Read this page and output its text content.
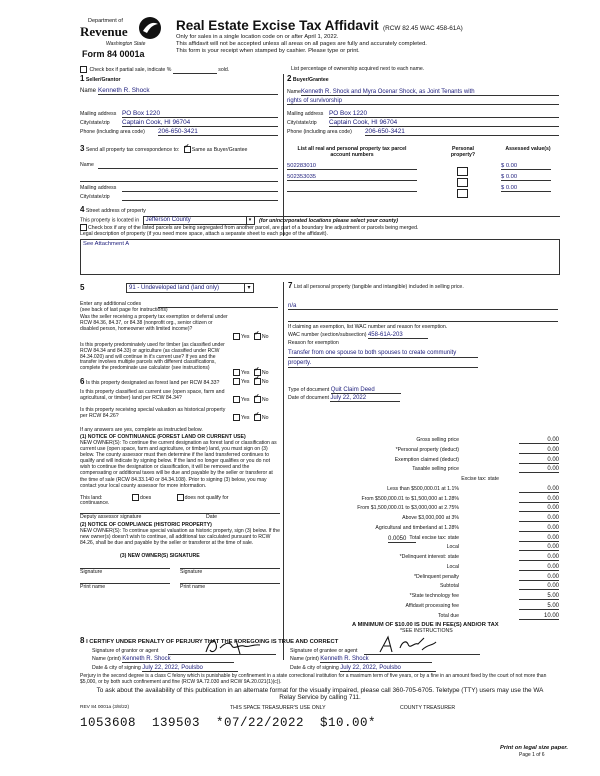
Department of
Revenue
Washington State
Form 84 0001a
Real Estate Excise Tax Affidavit (RCW 82.45 WAC 458-61A)
Only for sales in a single location code on or after April 1, 2022.
This affidavit will not be accepted unless all areas on all pages are fully and accurately completed.
This form is your receipt when stamped by cashier. Please type or print.
Check box if partial sale, indicate %	sold.	List percentage of ownership acquired next to each name.
1 Seller/Grantor
Name Kenneth R. Shock
Mailing address PO Box 1220
City/state/zip Captain Cook, HI 96704
Phone (including area code) 206-650-3421
2 Buyer/Grantee
Name Kenneth R. Shock and Myra Ocenar Shock, as Joint Tenants with
rights of survivorship
Mailing address PO Box 1220
City/state/zip Captain Cook, HI 96704
Phone (including area code) 206-650-3421
3 Send all property tax correspondence to: ✔ Same as Buyer/Grantee
Name

Mailing address

City/state/zip

List all real and personal property tax parcel account numbers
Personal property?
Assessed value(s)
502283010	$ 0.00
502353035	$ 0.00
$ 0.00
4 Street address of property

This property is located in Jefferson County	▾	(for unincorporated locations please select your county)
Check box if any of the listed parcels are being segregated from another parcel, are part of a boundary line adjustment or parcels being merged.
Legal description of property (if you need more space, attach a separate sheet to each page of the affidavit).
See Attachment A
5	91 - Undeveloped land (land only)	▾
Enter any additional codes

(see back of last page for instructions)
Was the seller receiving a property tax exemption or deferral under RCW 84.36, 84.37, or 84.38 (nonprofit org., senior citizen or disabled person, homeowner with limited income)?
Yes ✔ No
Is this property predominately used for timber (as classified under RCW 84.34 and 84.33) or agriculture (as classified under RCW 84.34.020) and will continue in it's current use? If yes and the transfer involves multiple parcels with different classifications, complete the predominate use calculator (see instructions)
Yes ✔ No
6 Is this property designated as forest land per RCW 84.33?	Yes ✔ No
Is this property classified as current use (open space, farm and agricultural, or timber) land per RCW 84.34?	Yes ✔ No
Is this property receiving special valuation as historical property per RCW 84.26?	Yes ✔ No
If any answers are yes, complete as instructed below.
(1) NOTICE OF CONTINUANCE (FOREST LAND OR CURRENT USE)
NEW OWNER(S): To continue the current designation as forest land or classification as current use (open space, farm and agriculture, or timber) land, you must sign on (3) below. The county assessor must then determine if the land transferred continues to qualify and will indicate by signing below. If the land no longer qualifies or you do not wish to continue the designation or classification, it will be removed and the compensating or additional taxes will be due and payable by the seller or transferor at the time of sale (RCW 84.33.140 or 84.34.108). Prior to signing (3) below, you may contact your local county assessor for more information.
This land:	does	does not qualify for
continuance.
Deputy assessor signature	Date
(2) NOTICE OF COMPLIANCE (HISTORIC PROPERTY)
NEW OWNER(S): To continue special valuation as historic property, sign (3) below. If the new owner(s) doesn't wish to continue, all additional tax calculated pursuant to RCW 84.26, shall be due and payable by the seller or transferor at the time of sale.
(3) NEW OWNER(S) SIGNATURE
Signature	Signature
Print name	Print name
7 List all personal property (tangible and intangible) included in selling price.
n/a
If claiming an exemption, list WAC number and reason for exemption.
WAC number (section/subsection) 458-61A-203
Reason for exemption
Transfer from one spouse to both spouses to create community property.
Type of document Quit Claim Deed
Date of document July 22, 2022
Gross selling price	0.00
*Personal property (deduct)	0.00
Exemption claimed (deduct)	0.00
Taxable selling price	0.00
Excise tax: state
Less than $500,000.01 at 1.1%	0.00
From $500,000.01 to $1,500,000 at 1.28%	0.00
From $1,500,000.01 to $3,000,000 at 2.75%	0.00
Above $3,000,000 at 3%	0.00
Agricultural and timberland at 1.28%	0.00
Total excise tax: state	0.00
Local	0.00
*Delinquent interest: state	0.00
Local	0.00
*Delinquent penalty	0.00
Subtotal	0.00
*State technology fee	5.00
Affidavit processing fee	5.00
Total due	10.00
0.0050
A MINIMUM OF $10.00 IS DUE IN FEE(S) AND/OR TAX
*SEE INSTRUCTIONS
8 I CERTIFY UNDER PENALTY OF PERJURY THAT THE FOREGOING IS TRUE AND CORRECT
Signature of grantor or agent
Name (print) Kenneth R. Shock
Date & city of signing July 22, 2022, Poulsbo
Signature of grantee or agent
Name (print) Kenneth R. Shock
Date & city of signing July 22, 2022, Poulsbo
Perjury in the second degree is a class C felony which is punishable by confinement in a state correctional institution for a maximum term of five years, or by a fine in an amount fixed by the court of not more than $5,000, or by both such confinement and fine (RCW 9A.72.030 and RCW 9A.20.021(1)(c)).
To ask about the availability of this publication in an alternate format for the visually impaired, please call 360-705-6705. Teletype (TTY) users may use the WA Relay Service by calling 711.
REV 84 0001a (3/8/22)	THIS SPACE TREASURER'S USE ONLY	COUNTY TREASURER
1053608  139503  *07/22/2022  $10.00*
Print on legal size paper.
Page 1 of 6
